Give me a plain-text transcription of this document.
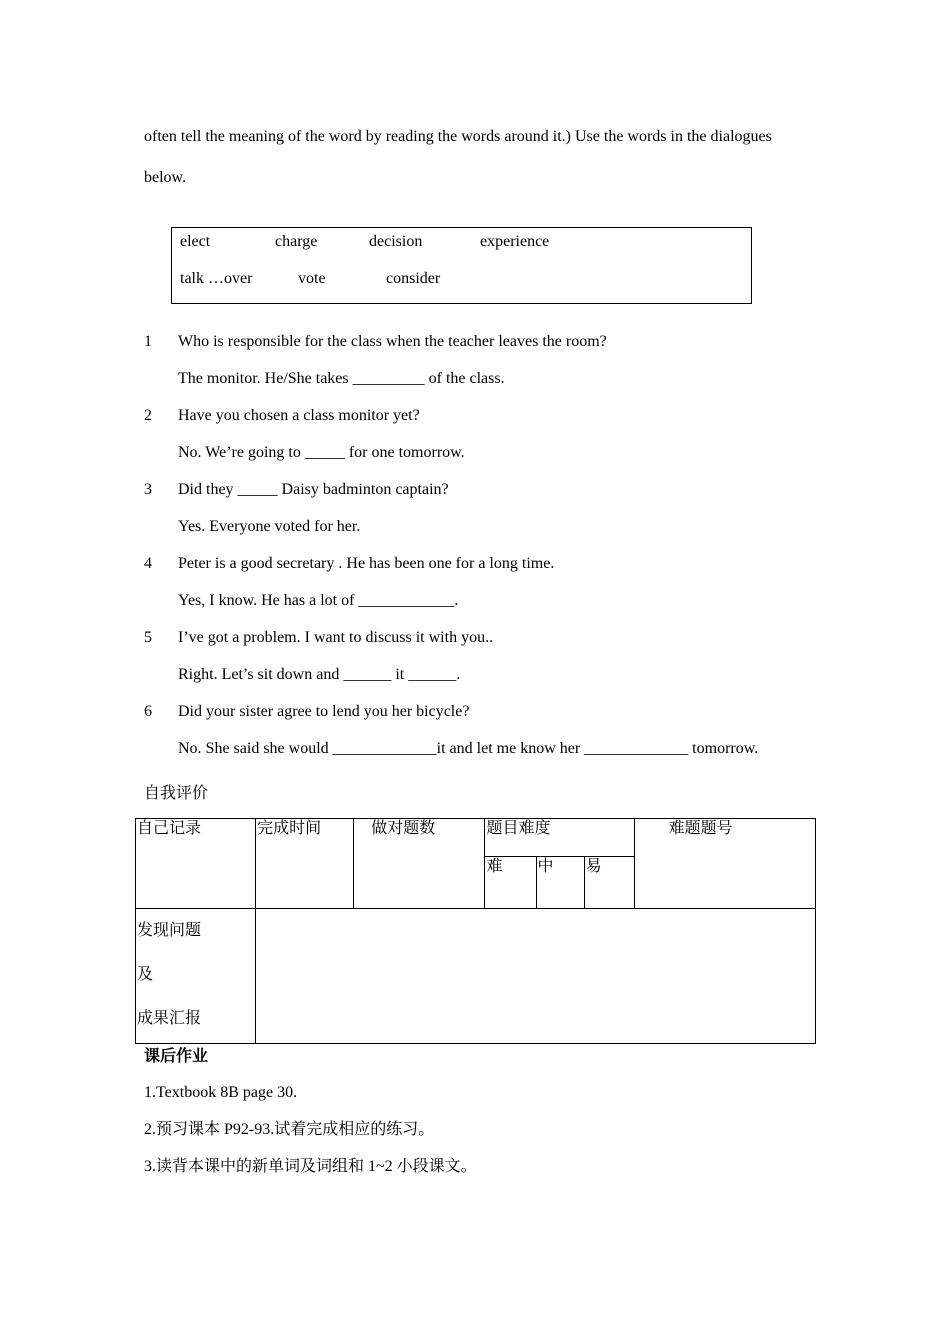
often tell the meaning of the word by reading the words around it.) Use the words in the dialogues
below.
elect	charge	decision	experience
talk …over	vote	consider
1 Who is responsible for the class when the teacher leaves the room?
The monitor. He/She takes _________ of the class.
2 Have you chosen a class monitor yet?
No. We’re going to _____ for one tomorrow.
3 Did they _____ Daisy badminton captain?
Yes. Everyone voted for her.
4 Peter is a good secretary . He has been one for a long time.
Yes, I know. He has a lot of ____________.
5 I’ve got a problem. I want to discuss it with you..
Right. Let’s sit down and ______ it ______.
6 Did your sister agree to lend you her bicycle?
No. She said she would _____________it and let me know her _____________ tomorrow.
自我评价
自己记录	完成时间	做对题数	题目难度			难题题号
			难	中	易	

发现问题
及
成果汇报						

课后作业
1.Textbook 8B page 30.
2.预习课本 P92-93.试着完成相应的练习。
3.读背本课中的新单词及词组和 1~2 小段课文。
